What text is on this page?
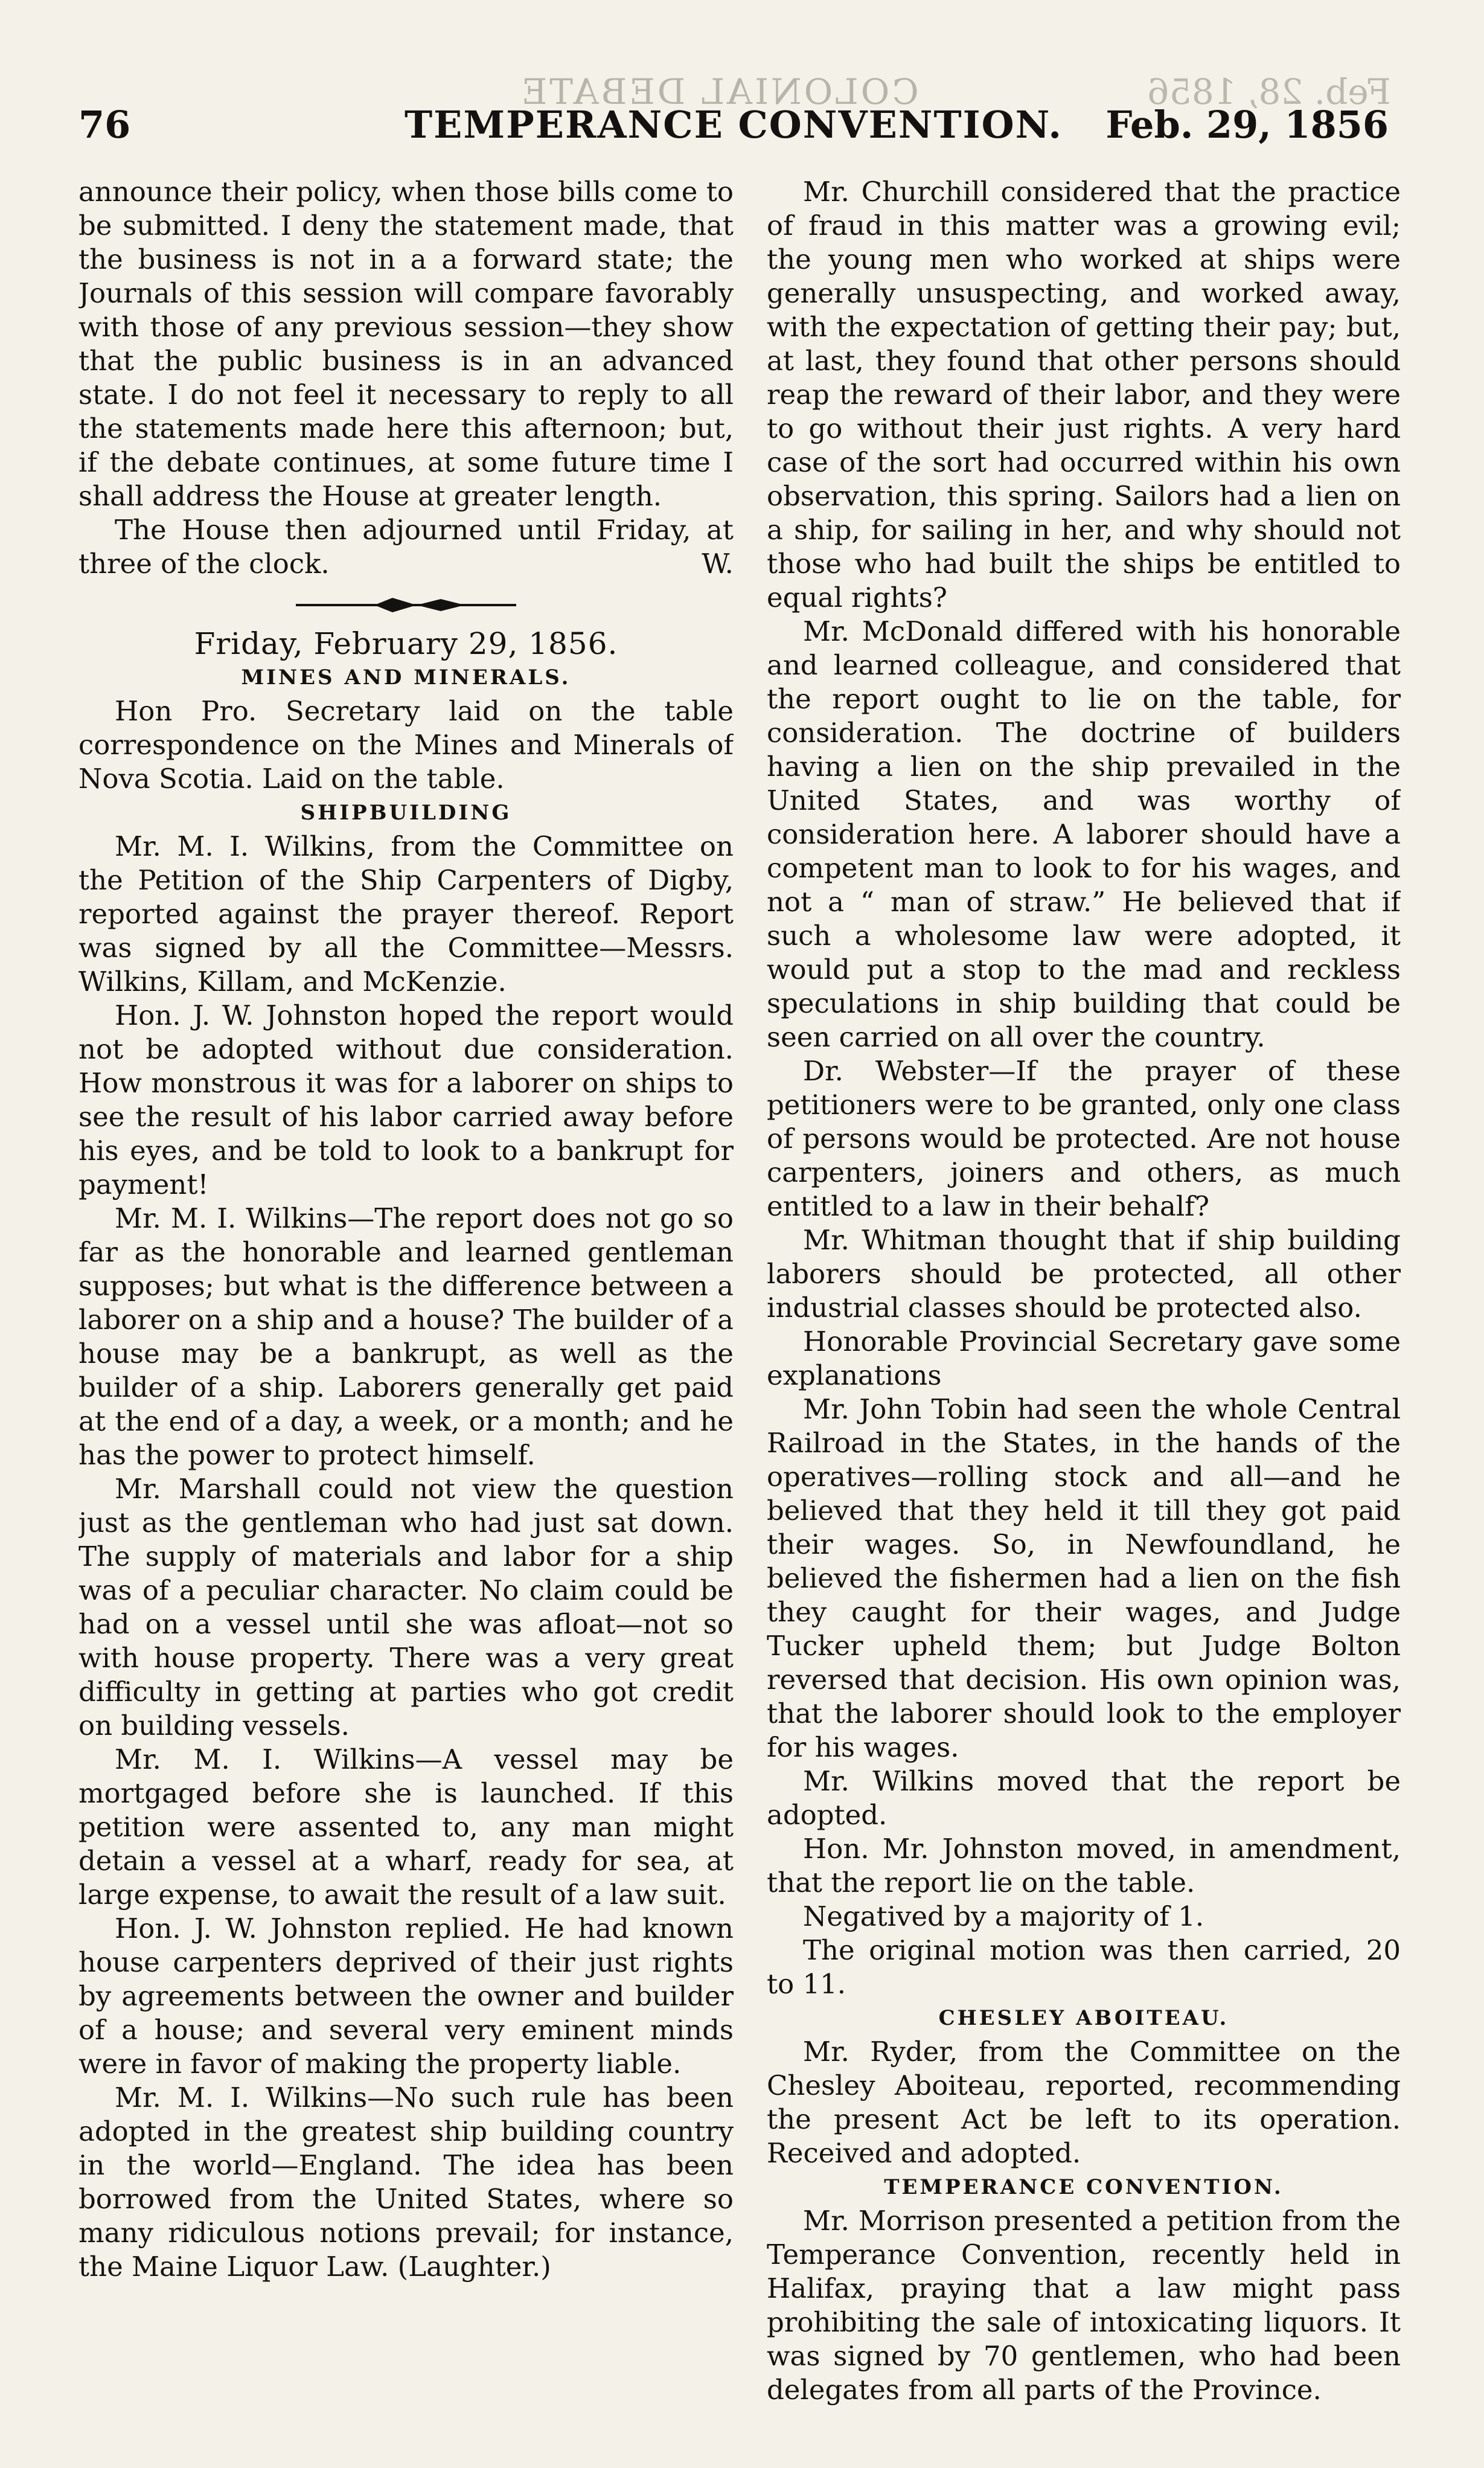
COLONIAL DEBATE	Feb. 28, 1856
TEMPERANCE CONVENTION.
76	Feb. 29, 1856

announce their policy, when those bills come to be submitted. I deny the statement made, that the business is not in a a forward state; the Journals of this session will compare favorably with those of any previous session—they show that the public business is in an advanced state. I do not feel it necessary to reply to all the statements made here this afternoon; but, if the debate continues, at some future time I shall address the House at greater length.

The House then adjourned until Friday, at three of the clock.	W.

Friday, February 29, 1856.

MINES AND MINERALS.

Hon Pro. Secretary laid on the table correspondence on the Mines and Minerals of Nova Scotia. Laid on the table.

SHIPBUILDING

Mr. M. I. Wilkins, from the Committee on the Petition of the Ship Carpenters of Digby, reported against the prayer thereof. Report was signed by all the Committee—Messrs. Wilkins, Killam, and McKenzie.

Hon. J. W. Johnston hoped the report would not be adopted without due consideration. How monstrous it was for a laborer on ships to see the result of his labor carried away before his eyes, and be told to look to a bankrupt for payment!

Mr. M. I. Wilkins—The report does not go so far as the honorable and learned gentleman supposes; but what is the difference between a laborer on a ship and a house? The builder of a house may be a bankrupt, as well as the builder of a ship. Laborers generally get paid at the end of a day, a week, or a month; and he has the power to protect himself.

Mr. Marshall could not view the question just as the gentleman who had just sat down. The supply of materials and labor for a ship was of a peculiar character. No claim could be had on a vessel until she was afloat—not so with house property. There was a very great difficulty in getting at parties who got credit on building vessels.

Mr. M. I. Wilkins—A vessel may be mortgaged before she is launched. If this petition were assented to, any man might detain a vessel at a wharf, ready for sea, at large expense, to await the result of a law suit.

Hon. J. W. Johnston replied. He had known house carpenters deprived of their just rights by agreements between the owner and builder of a house; and several very eminent minds were in favor of making the property liable.

Mr. M. I. Wilkins—No such rule has been adopted in the greatest ship building country in the world—England. The idea has been borrowed from the United States, where so many ridiculous notions prevail; for instance, the Maine Liquor Law. (Laughter.)

Mr. Churchill considered that the practice of fraud in this matter was a growing evil; the young men who worked at ships were generally unsuspecting, and worked away, with the expectation of getting their pay; but, at last, they found that other persons should reap the reward of their labor, and they were to go without their just rights. A very hard case of the sort had occurred within his own observation, this spring. Sailors had a lien on a ship, for sailing in her, and why should not those who had built the ships be entitled to equal rights?

Mr. McDonald differed with his honorable and learned colleague, and considered that the report ought to lie on the table, for consideration. The doctrine of builders having a lien on the ship prevailed in the United States, and was worthy of consideration here. A laborer should have a competent man to look to for his wages, and not a “ man of straw.” He believed that if such a wholesome law were adopted, it would put a stop to the mad and reckless speculations in ship building that could be seen carried on all over the country.

Dr. Webster—If the prayer of these petitioners were to be granted, only one class of persons would be protected. Are not house carpenters, joiners and others, as much entitled to a law in their behalf?

Mr. Whitman thought that if ship building laborers should be protected, all other industrial classes should be protected also.

Honorable Provincial Secretary gave some explanations

Mr. John Tobin had seen the whole Central Railroad in the States, in the hands of the operatives—rolling stock and all—and he believed that they held it till they got paid their wages. So, in Newfoundland, he believed the fishermen had a lien on the fish they caught for their wages, and Judge Tucker upheld them; but Judge Bolton reversed that decision. His own opinion was, that the laborer should look to the employer for his wages.

Mr. Wilkins moved that the report be adopted.

Hon. Mr. Johnston moved, in amendment, that the report lie on the table.

Negatived by a majority of 1.

The original motion was then carried, 20 to 11.

CHESLEY ABOITEAU.

Mr. Ryder, from the Committee on the Chesley Aboiteau, reported, recommending the present Act be left to its operation. Received and adopted.

TEMPERANCE CONVENTION.

Mr. Morrison presented a petition from the Temperance Convention, recently held in Halifax, praying that a law might pass prohibiting the sale of intoxicating liquors. It was signed by 70 gentlemen, who had been delegates from all parts of the Province.
